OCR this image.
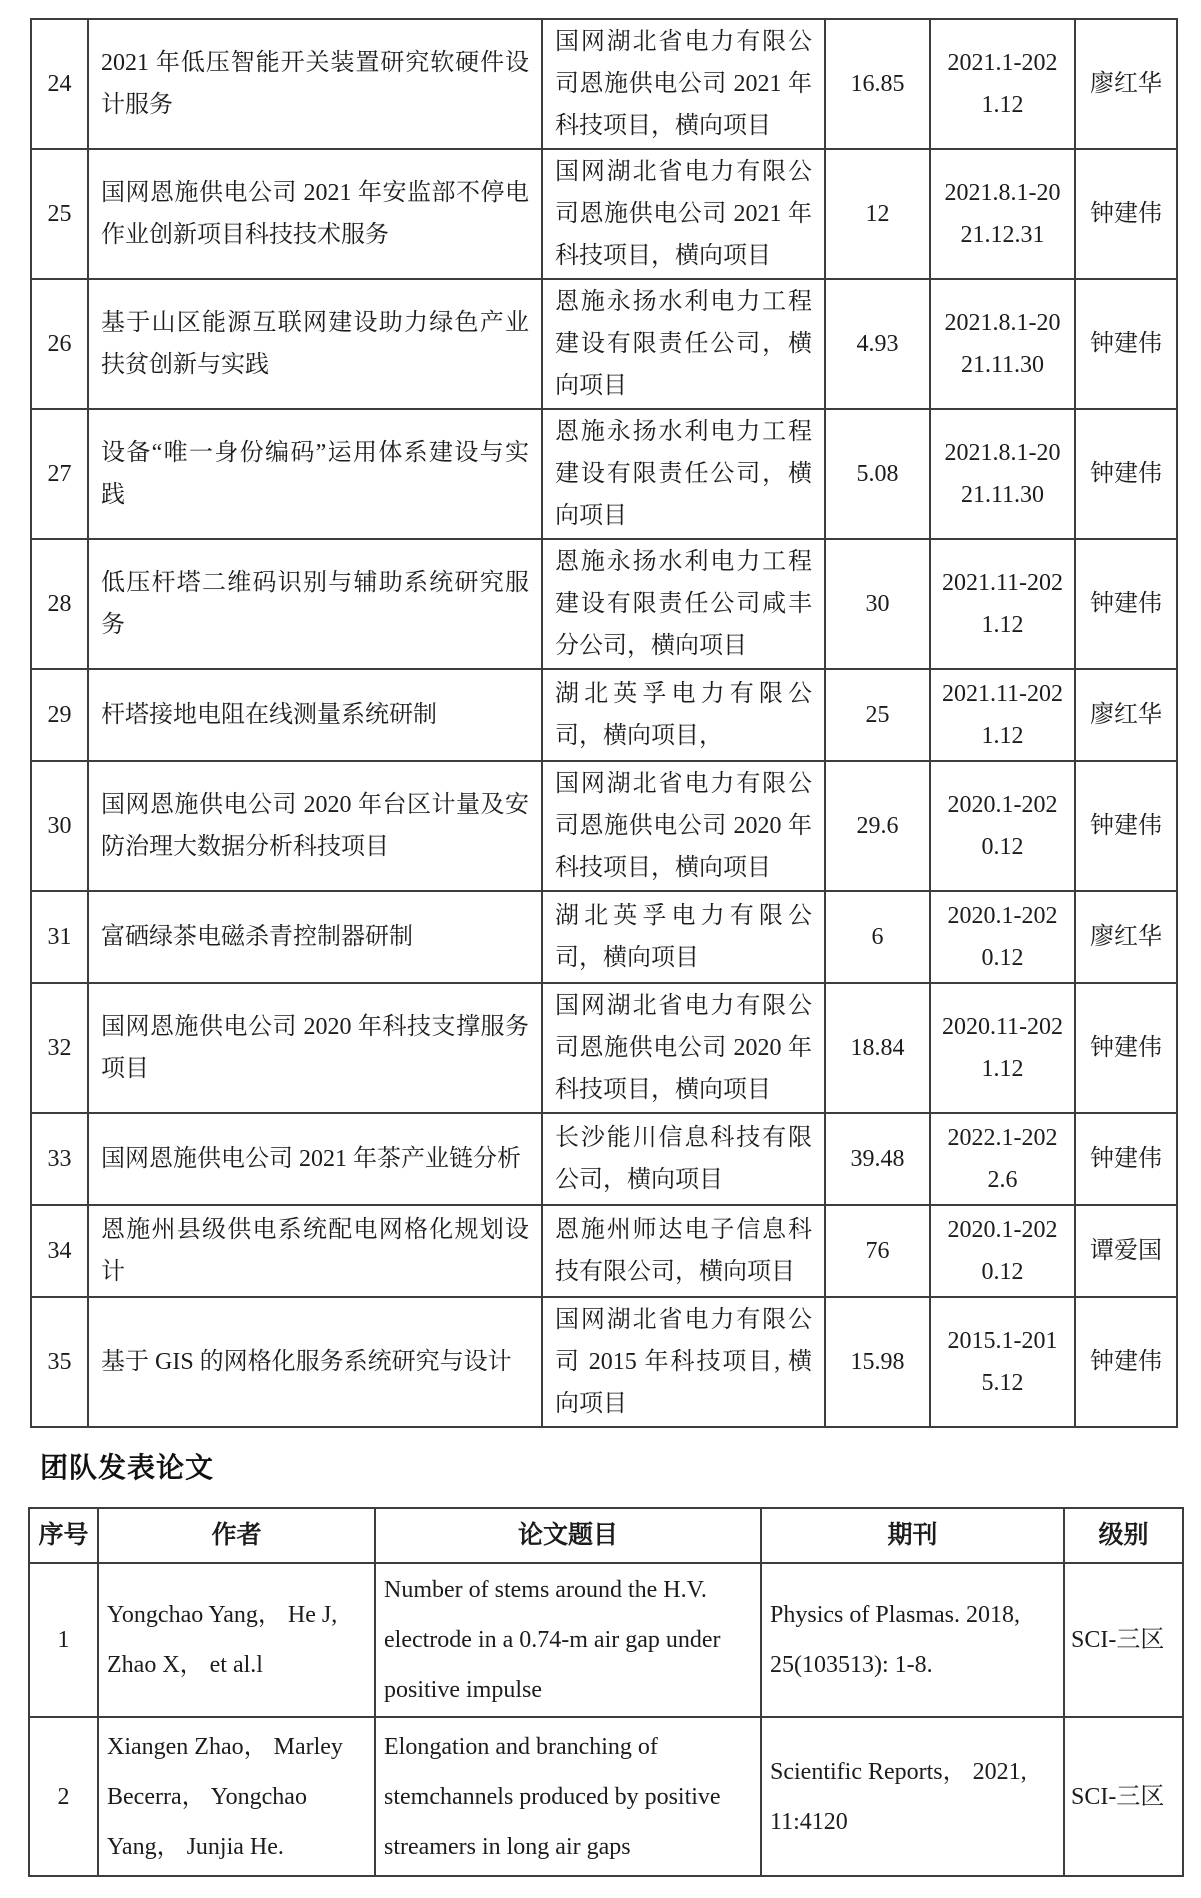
24	2021 年低压智能开关装置研究软硬件设计服务	国网湖北省电力有限公司恩施供电公司 2021 年科技项目，横向项目	16.85	2021.1-2021.12	廖红华
25	国网恩施供电公司 2021 年安监部不停电作业创新项目科技技术服务	国网湖北省电力有限公司恩施供电公司 2021 年科技项目，横向项目	12	2021.8.1-2021.12.31	钟建伟
26	基于山区能源互联网建设助力绿色产业扶贫创新与实践	恩施永扬水利电力工程建设有限责任公司，横向项目	4.93	2021.8.1-2021.11.30	钟建伟
27	设备“唯一身份编码”运用体系建设与实践	恩施永扬水利电力工程建设有限责任公司，横向项目	5.08	2021.8.1-2021.11.30	钟建伟
28	低压杆塔二维码识别与辅助系统研究服务	恩施永扬水利电力工程建设有限责任公司咸丰分公司，横向项目	30	2021.11-2021.12	钟建伟
29	杆塔接地电阻在线测量系统研制	湖北英孚电力有限公司，横向项目，	25	2021.11-2021.12	廖红华
30	国网恩施供电公司 2020 年台区计量及安防治理大数据分析科技项目	国网湖北省电力有限公司恩施供电公司 2020 年科技项目，横向项目	29.6	2020.1-2020.12	钟建伟
31	富硒绿茶电磁杀青控制器研制	湖北英孚电力有限公司，横向项目	6	2020.1-2020.12	廖红华
32	国网恩施供电公司 2020 年科技支撑服务项目	国网湖北省电力有限公司恩施供电公司 2020 年科技项目，横向项目	18.84	2020.11-2021.12	钟建伟
33	国网恩施供电公司 2021 年茶产业链分析	长沙能川信息科技有限公司，横向项目	39.48	2022.1-2022.6	钟建伟
34	恩施州县级供电系统配电网格化规划设计	恩施州师达电子信息科技有限公司，横向项目	76	2020.1-2020.12	谭爱国
35	基于 GIS 的网格化服务系统研究与设计	国网湖北省电力有限公司 2015 年科技项目, 横向项目	15.98	2015.1-2015.12	钟建伟
团队发表论文
序号	作者	论文题目	期刊	级别
1	Yongchao Yang， He J, Zhao X， et al.l	Number of stems around the H.V. electrode in a 0.74-m air gap under positive impulse	Physics of Plasmas. 2018, 25(103513): 1-8.	SCI-三区
2	Xiangen Zhao， Marley Becerra， Yongchao Yang， Junjia He.	Elongation and branching of stemchannels produced by positive streamers in long air gaps	Scientific Reports， 2021, 11:4120	SCI-三区
